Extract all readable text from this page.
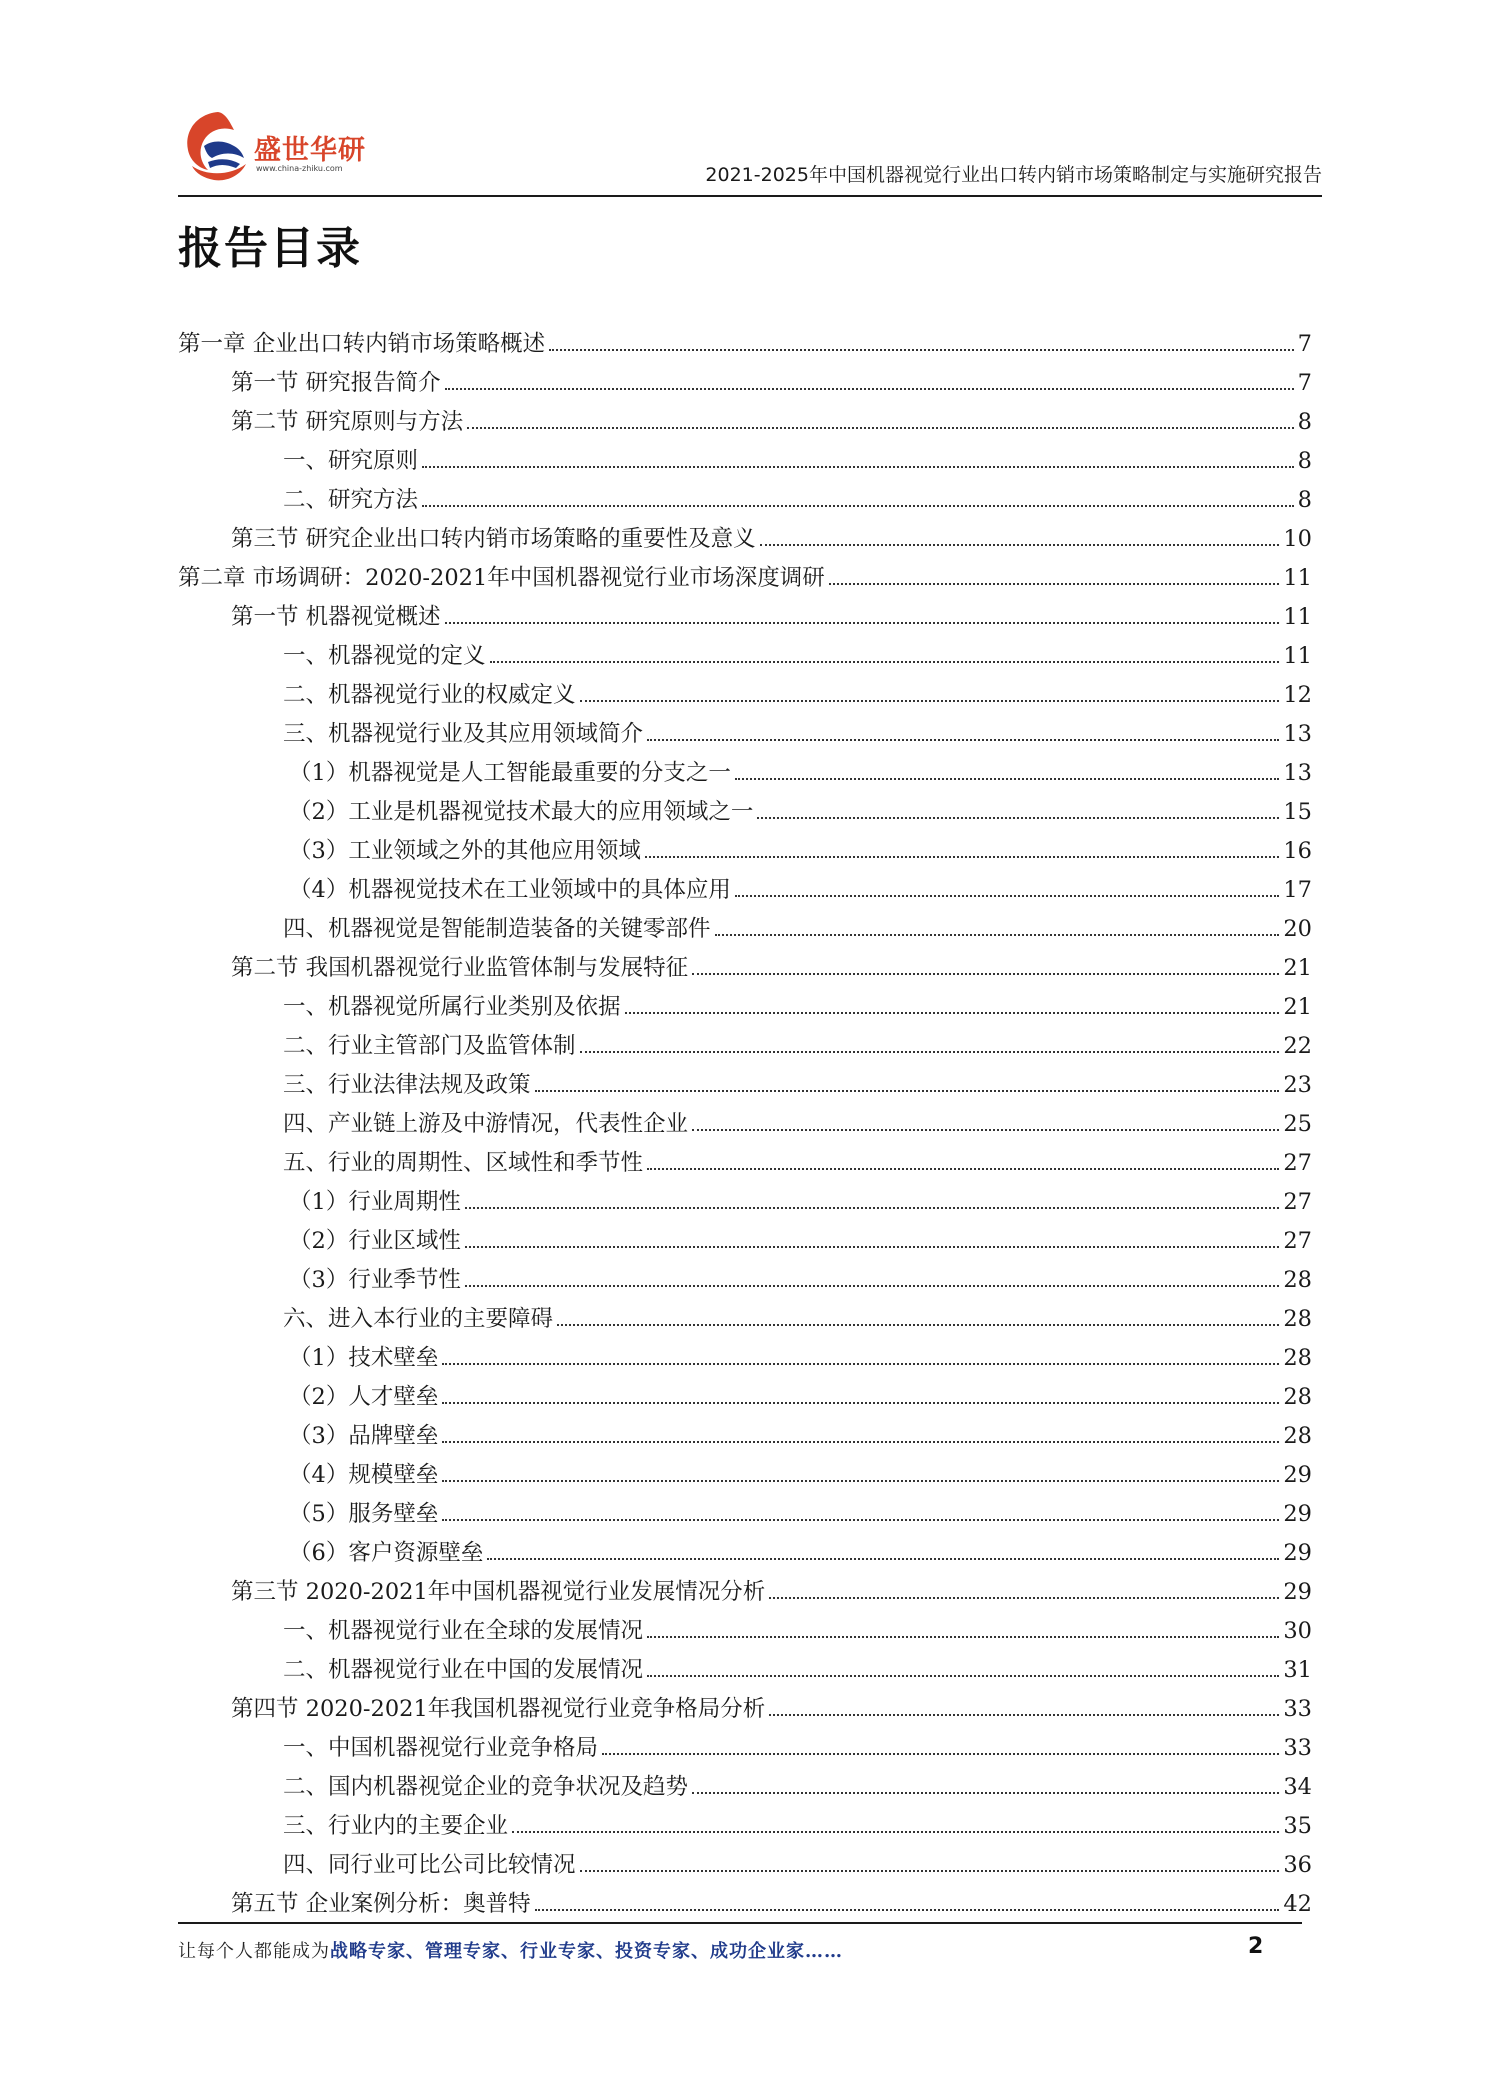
盛世华研
www.china-zhiku.com	2021-2025年中国机器视觉行业出口转内销市场策略制定与实施研究报告
报告目录
第一章 企业出口转内销市场策略概述	7
第一节 研究报告简介	7
第二节 研究原则与方法	8
一、研究原则	8
二、研究方法	8
第三节 研究企业出口转内销市场策略的重要性及意义	10
第二章 市场调研：2020-2021年中国机器视觉行业市场深度调研	11
第一节 机器视觉概述	11
一、机器视觉的定义	11
二、机器视觉行业的权威定义	12
三、机器视觉行业及其应用领域简介	13
（1）机器视觉是人工智能最重要的分支之一	13
（2）工业是机器视觉技术最大的应用领域之一	15
（3）工业领域之外的其他应用领域	16
（4）机器视觉技术在工业领域中的具体应用	17
四、机器视觉是智能制造装备的关键零部件	20
第二节 我国机器视觉行业监管体制与发展特征	21
一、机器视觉所属行业类别及依据	21
二、行业主管部门及监管体制	22
三、行业法律法规及政策	23
四、产业链上游及中游情况，代表性企业	25
五、行业的周期性、区域性和季节性	27
（1）行业周期性	27
（2）行业区域性	27
（3）行业季节性	28
六、进入本行业的主要障碍	28
（1）技术壁垒	28
（2）人才壁垒	28
（3）品牌壁垒	28
（4）规模壁垒	29
（5）服务壁垒	29
（6）客户资源壁垒	29
第三节 2020-2021年中国机器视觉行业发展情况分析	29
一、机器视觉行业在全球的发展情况	30
二、机器视觉行业在中国的发展情况	31
第四节 2020-2021年我国机器视觉行业竞争格局分析	33
一、中国机器视觉行业竞争格局	33
二、国内机器视觉企业的竞争状况及趋势	34
三、行业内的主要企业	35
四、同行业可比公司比较情况	36
第五节 企业案例分析：奥普特	42
让每个人都能成为战略专家、管理专家、行业专家、投资专家、成功企业家……	2
